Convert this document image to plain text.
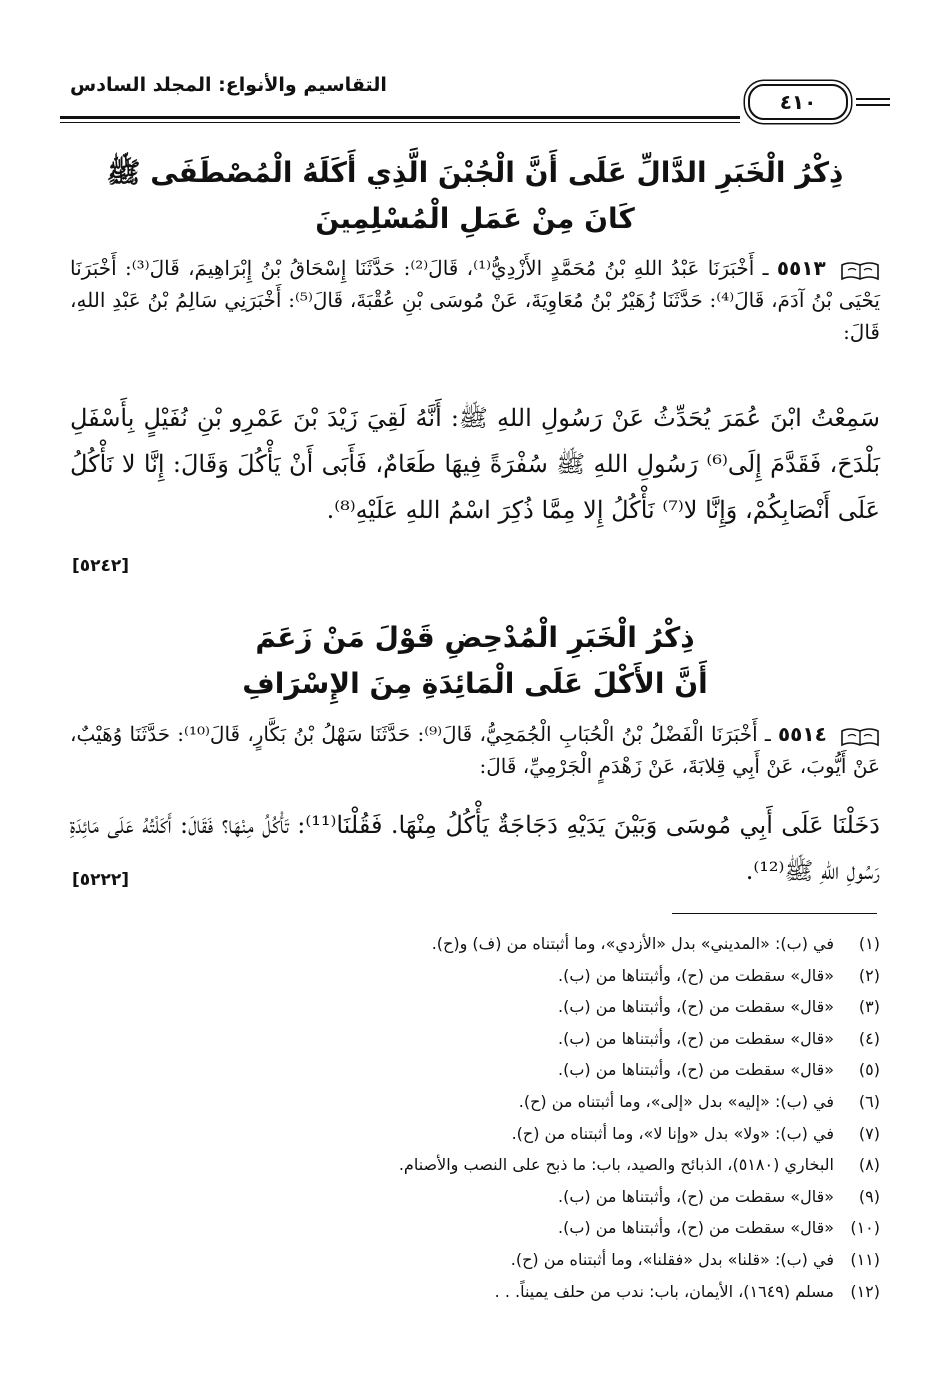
التقاسيم والأنواع: المجلد السادس
٤١٠
ذِكْرُ الْخَبَرِ الدَّالِّ عَلَى أَنَّ الْجُبْنَ الَّذِي أَكَلَهُ الْمُصْطَفَى ﷺ
كَانَ مِنْ عَمَلِ الْمُسْلِمِينَ
٥٥١٣ ـ أَخْبَرَنَا عَبْدُ اللهِ بْنُ مُحَمَّدٍ الأَزْدِيُّ⁽¹⁾، قَالَ⁽²⁾: حَدَّثَنَا إِسْحَاقُ بْنُ إِبْرَاهِيمَ، قَالَ⁽³⁾: أَخْبَرَنَا يَحْيَى بْنُ آدَمَ، قَالَ⁽⁴⁾: حَدَّثَنَا زُهَيْرُ بْنُ مُعَاوِيَةَ، عَنْ مُوسَى بْنِ عُقْبَةَ، قَالَ⁽⁵⁾: أَخْبَرَنِي سَالِمُ بْنُ عَبْدِ اللهِ، قَالَ:
سَمِعْتُ ابْنَ عُمَرَ يُحَدِّثُ عَنْ رَسُولِ اللهِ ﷺ: أَنَّهُ لَقِيَ زَيْدَ بْنَ عَمْرِو بْنِ نُفَيْلٍ بِأَسْفَلِ بَلْدَحَ، فَقَدَّمَ إِلَى⁽⁶⁾ رَسُولِ اللهِ ﷺ سُفْرَةً فِيهَا طَعَامٌ، فَأَبَى أَنْ يَأْكُلَ وَقَالَ: إِنَّا لا نَأْكُلُ عَلَى أَنْصَابِكُمْ، وَإِنَّا لا⁽⁷⁾ نَأْكُلُ إِلا مِمَّا ذُكِرَ اسْمُ اللهِ عَلَيْهِ⁽⁸⁾.
[٥٢٤٢]
ذِكْرُ الْخَبَرِ الْمُدْحِضِ قَوْلَ مَنْ زَعَمَ
أَنَّ الأَكْلَ عَلَى الْمَائِدَةِ مِنَ الإِسْرَافِ
٥٥١٤ ـ أَخْبَرَنَا الْفَضْلُ بْنُ الْحُبَابِ الْجُمَحِيُّ، قَالَ⁽⁹⁾: حَدَّثَنَا سَهْلُ بْنُ بَكَّارٍ، قَالَ⁽¹⁰⁾: حَدَّثَنَا وُهَيْبٌ، عَنْ أَيُّوبَ، عَنْ أَبِي قِلابَةَ، عَنْ زَهْدَمٍ الْجَرْمِيِّ، قَالَ:
دَخَلْنَا عَلَى أَبِي مُوسَى وَبَيْنَ يَدَيْهِ دَجَاجَةٌ يَأْكُلُ مِنْهَا. فَقُلْنَا⁽¹¹⁾: تَأْكُلُ مِنْهَا؟ فَقَالَ: أَكَلْتُهُ عَلَى مَائِدَةِ رَسُولِ اللهِ ﷺ⁽¹²⁾.
[٥٢٢٢]
(١)في (ب): «المديني» بدل «الأزدي»، وما أثبتناه من (ف) و(ح).
(٢)«قال» سقطت من (ح)، وأثبتناها من (ب).
(٣)«قال» سقطت من (ح)، وأثبتناها من (ب).
(٤)«قال» سقطت من (ح)، وأثبتناها من (ب).
(٥)«قال» سقطت من (ح)، وأثبتناها من (ب).
(٦)في (ب): «إليه» بدل «إلى»، وما أثبتناه من (ح).
(٧)في (ب): «ولا» بدل «وإنا لا»، وما أثبتناه من (ح).
(٨)البخاري (٥١٨٠)، الذبائح والصيد، باب: ما ذبح على النصب والأصنام.
(٩)«قال» سقطت من (ح)، وأثبتناها من (ب).
(١٠)«قال» سقطت من (ح)، وأثبتناها من (ب).
(١١)في (ب): «قلنا» بدل «فقلنا»، وما أثبتناه من (ح).
(١٢)مسلم (١٦٤٩)، الأيمان، باب: ندب من حلف يميناً. . .
